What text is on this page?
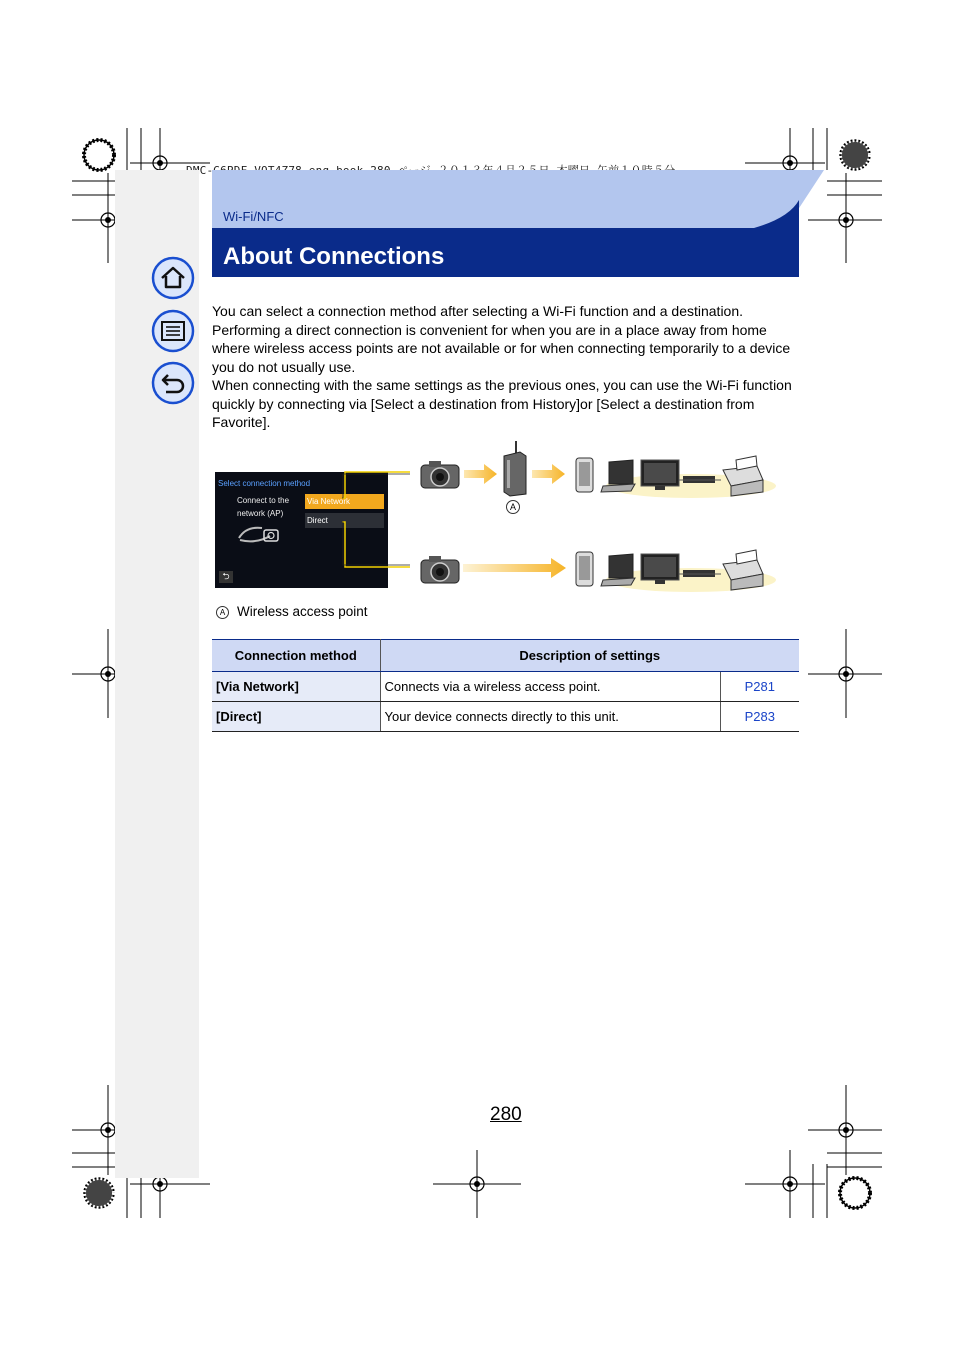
Wi-Fi/NFC
About Connections

You can select a connection method after selecting a Wi-Fi function and a destination. Performing a direct connection is convenient for when you are in a place away from home where wireless access points are not available or for when connecting temporarily to a device you do not usually use.

When connecting with the same settings as the previous ones, you can use the Wi-Fi function quickly by connecting via [Select a destination from History]or [Select a destination from Favorite].

Select connection method
Connect to the
network (AP)
Via Network
Direct
⮌
A
A Wireless access point
Connection method	Description of settings	
[Via Network]	Connects via a wireless access point.	P281
[Direct]	Your device connects directly to this unit.	P283
280
